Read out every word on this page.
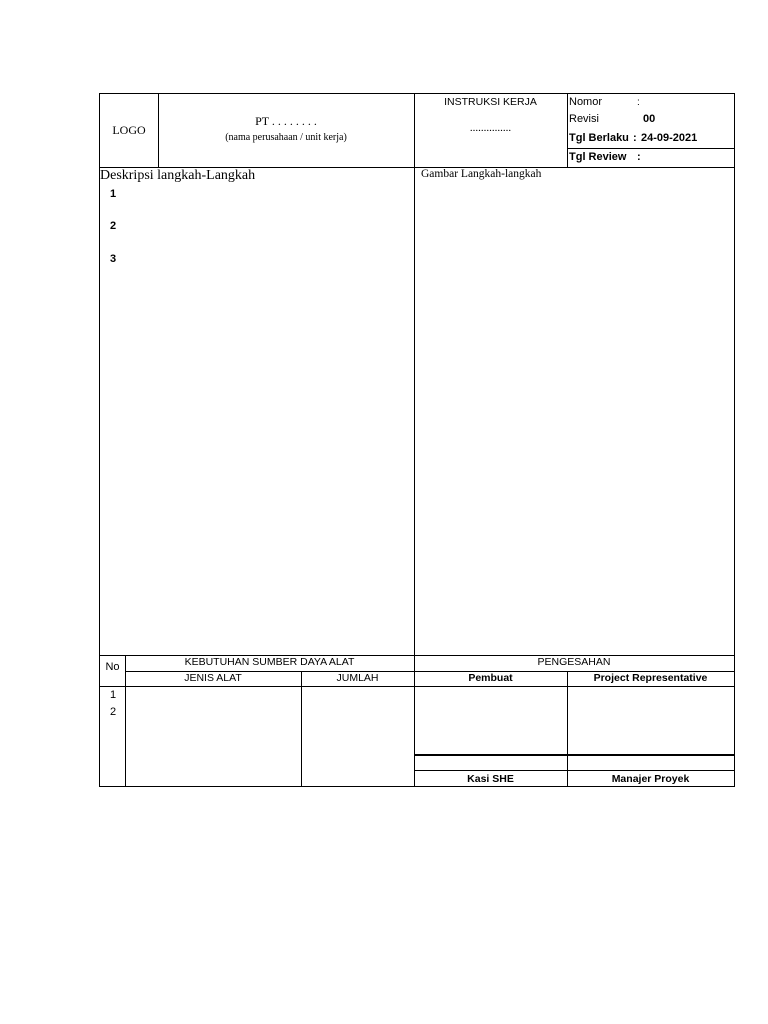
LOGO
PT . . . . . . . .
(nama perusahaan / unit kerja)
INSTRUKSI KERJA
...............
Nomor	:
Revisi	00
Tgl Berlaku : 24-09-2021
Tgl Review :
Deskripsi langkah-Langkah
1
2
3
Gambar Langkah-langkah
No	KEBUTUHAN SUMBER DAYA ALAT
JENIS ALAT	JUMLAH
1
2
PENGESAHAN
Pembuat	Project Representative
Kasi SHE	Manajer Proyek
